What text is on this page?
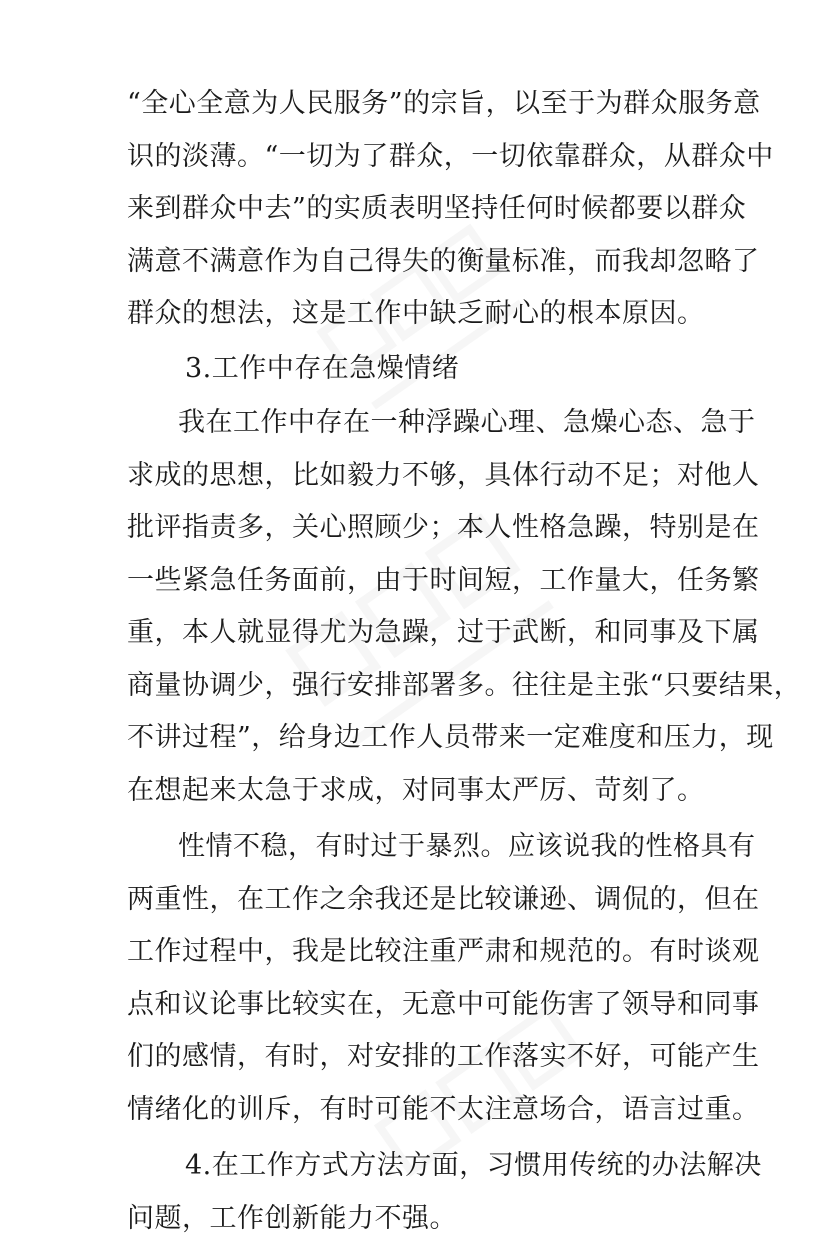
“全心全意为人民服务”的宗旨，以至于为群众服务意
识的淡薄。“一切为了群众，一切依靠群众，从群众中
来到群众中去”的实质表明坚持任何时候都要以群众
满意不满意作为自己得失的衡量标准，而我却忽略了
群众的想法，这是工作中缺乏耐心的根本原因。
3.工作中存在急燥情绪
我在工作中存在一种浮躁心理、急燥心态、急于
求成的思想，比如毅力不够，具体行动不足；对他人
批评指责多，关心照顾少；本人性格急躁，特别是在
一些紧急任务面前，由于时间短，工作量大，任务繁
重，本人就显得尤为急躁，过于武断，和同事及下属
商量协调少，强行安排部署多。往往是主张“只要结果，
不讲过程”，给身边工作人员带来一定难度和压力，现
在想起来太急于求成，对同事太严厉、苛刻了。
性情不稳，有时过于暴烈。应该说我的性格具有
两重性，在工作之余我还是比较谦逊、调侃的，但在
工作过程中，我是比较注重严肃和规范的。有时谈观
点和议论事比较实在，无意中可能伤害了领导和同事
们的感情，有时，对安排的工作落实不好，可能产生
情绪化的训斥，有时可能不太注意场合，语言过重。
4.在工作方式方法方面，习惯用传统的办法解决
问题，工作创新能力不强。
